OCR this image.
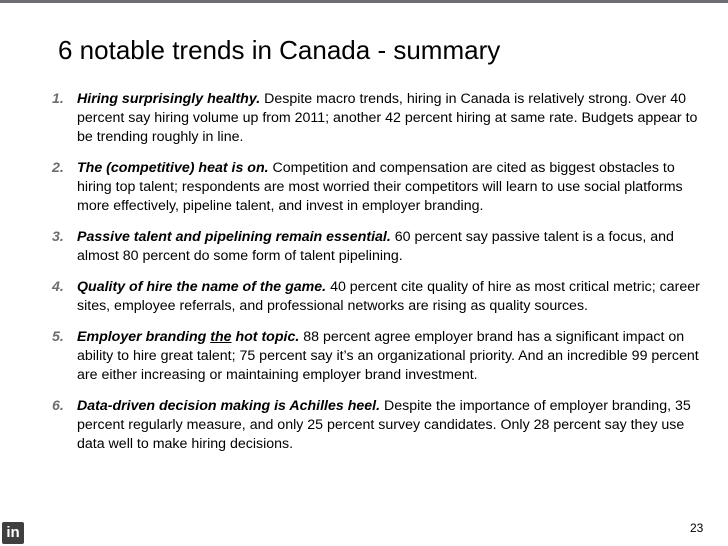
6 notable trends in Canada - summary
1. Hiring surprisingly healthy. Despite macro trends, hiring in Canada is relatively strong. Over 40 percent say hiring volume up from 2011; another 42 percent hiring at same rate. Budgets appear to be trending roughly in line.
2. The (competitive) heat is on. Competition and compensation are cited as biggest obstacles to hiring top talent; respondents are most worried their competitors will learn to use social platforms more effectively, pipeline talent, and invest in employer branding.
3. Passive talent and pipelining remain essential. 60 percent say passive talent is a focus, and almost 80 percent do some form of talent pipelining.
4. Quality of hire the name of the game. 40 percent cite quality of hire as most critical metric; career sites, employee referrals, and professional networks are rising as quality sources.
5. Employer branding the hot topic. 88 percent agree employer brand has a significant impact on ability to hire great talent; 75 percent say it’s an organizational priority. And an incredible 99 percent are either increasing or maintaining employer brand investment.
6. Data-driven decision making is Achilles heel. Despite the importance of employer branding, 35 percent regularly measure, and only 25 percent survey candidates. Only 28 percent say they use data well to make hiring decisions.
in	23
